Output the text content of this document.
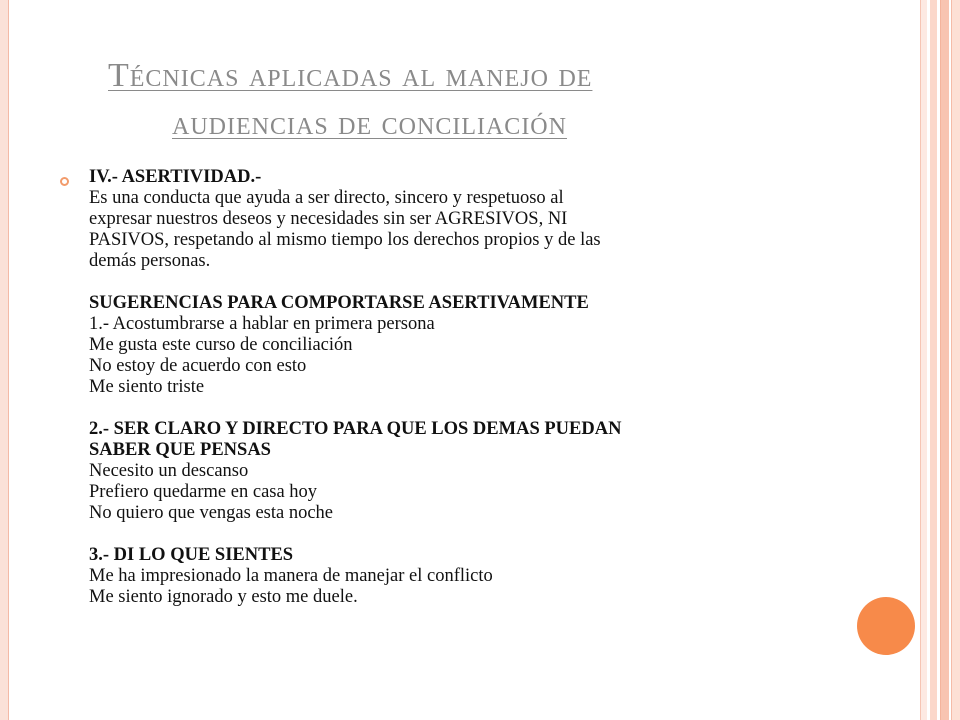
Técnicas aplicadas al manejo de
audiencias de conciliación
IV.- ASERTIVIDAD.-
Es una conducta que ayuda a ser directo, sincero y respetuoso al
expresar nuestros deseos y necesidades sin ser AGRESIVOS, NI
PASIVOS, respetando al mismo tiempo los derechos propios y de las
demás personas.
SUGERENCIAS PARA COMPORTARSE ASERTIVAMENTE
1.- Acostumbrarse a hablar en primera persona
Me gusta este curso de conciliación
No estoy de acuerdo con esto
Me siento triste
2.- SER CLARO Y DIRECTO PARA QUE LOS DEMAS PUEDAN
SABER QUE PENSAS
Necesito un descanso
Prefiero quedarme en casa hoy
No quiero que vengas esta noche
3.- DI LO QUE SIENTES
Me ha impresionado la manera de manejar el conflicto
Me siento ignorado y esto me duele.
